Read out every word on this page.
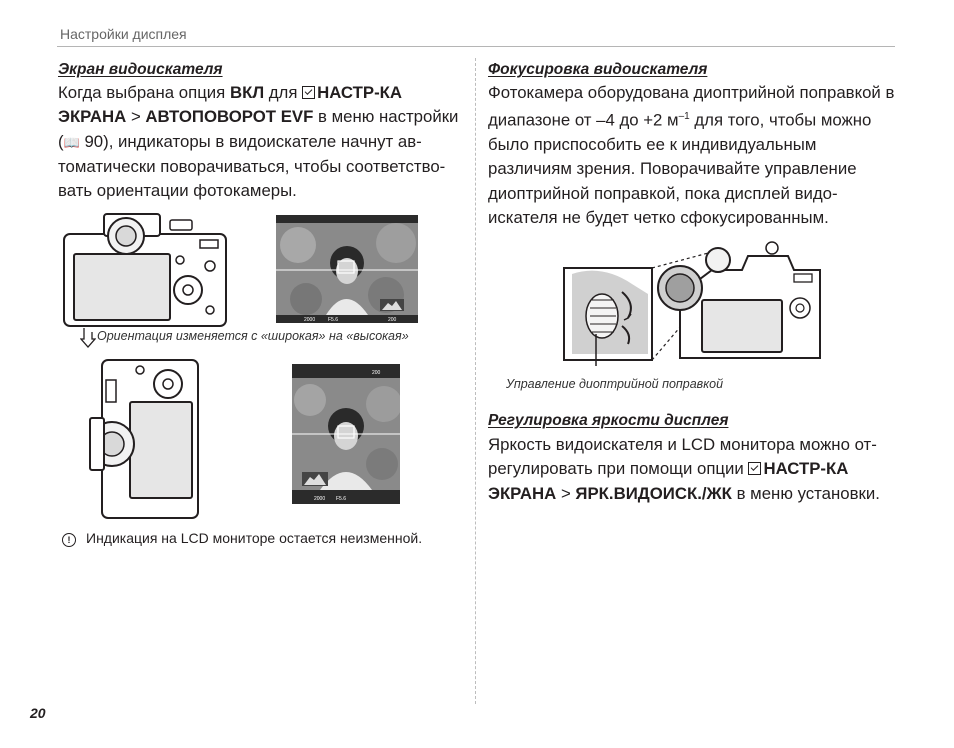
Настройки дисплея
Экран видоискателя
Когда выбрана опция ВКЛ для НАСТР-КА ЭКРАНА > АВТОПОВОРОТ EVF в меню настройки (📖 90), индикаторы в видоискателе начнут автоматически поворачиваться, чтобы соответствовать ориентации фотокамеры.
2000	F5.6	200
Ориентация изменяется с «широкая» на «высокая»
2000 F5.6
200
! Индикация на LCD мониторе остается неизменной.
Фокусировка видоискателя
Фотокамера оборудована диоптрийной поправкой в диапазоне от –4 до +2 $м^{-1}$ для того, чтобы можно было приспособить ее к индивидуальным различиям зрения. Поворачивайте управление диоптрийной поправкой, пока дисплей видоискателя не будет четко сфокусированным.
Управление диоптрийной поправкой
Регулировка яркости дисплея
Яркость видоискателя и LCD монитора можно отрегулировать при помощи опции НАСТР-КА ЭКРАНА > ЯРК.ВИДОИСК./ЖК в меню установки.
20
